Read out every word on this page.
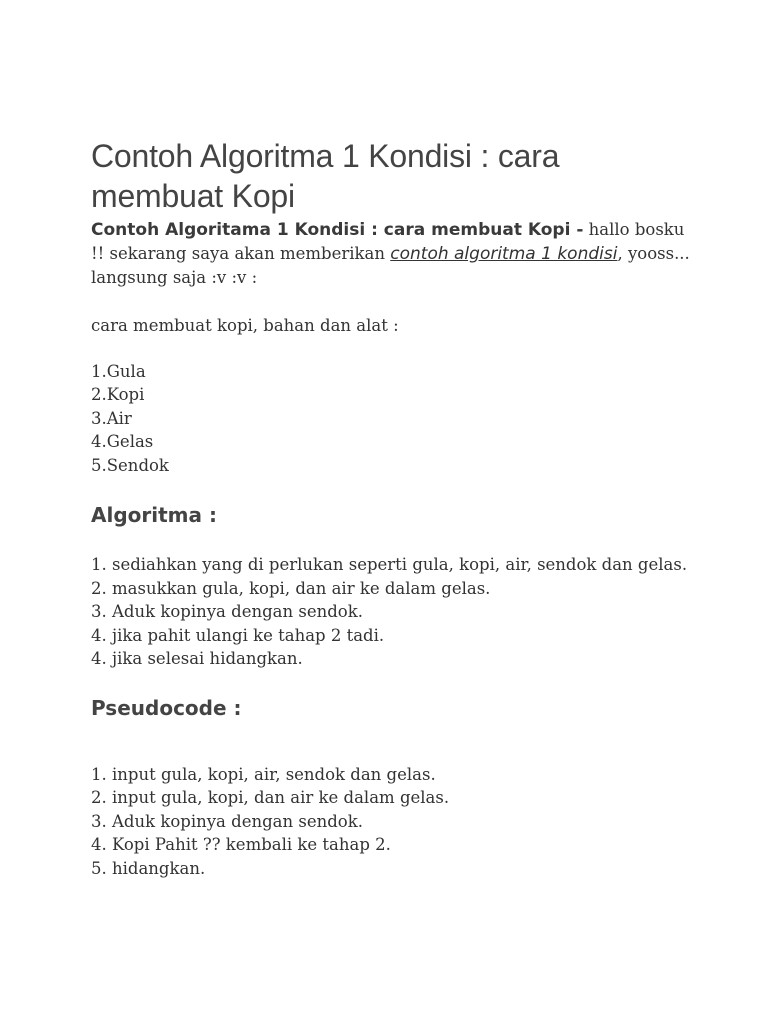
Contoh Algoritma 1 Kondisi : cara membuat Kopi
Contoh Algoritama 1 Kondisi : cara membuat Kopi - hallo bosku !! sekarang saya akan memberikan contoh algoritma 1 kondisi, yooss... langsung saja :v :v :

cara membuat kopi, bahan dan alat :

1.Gula

2.Kopi

3.Air

4.Gelas

5.Sendok

Algoritma :

1. sediahkan yang di perlukan seperti gula, kopi, air, sendok dan gelas.

2. masukkan gula, kopi, dan air ke dalam gelas.

3. Aduk kopinya dengan sendok.

4. jika pahit ulangi ke tahap 2 tadi.

4. jika selesai hidangkan.

Pseudocode :

1. input gula, kopi, air, sendok dan gelas.

2. input gula, kopi, dan air ke dalam gelas.

3. Aduk kopinya dengan sendok.

4. Kopi Pahit ?? kembali ke tahap 2.

5. hidangkan.
